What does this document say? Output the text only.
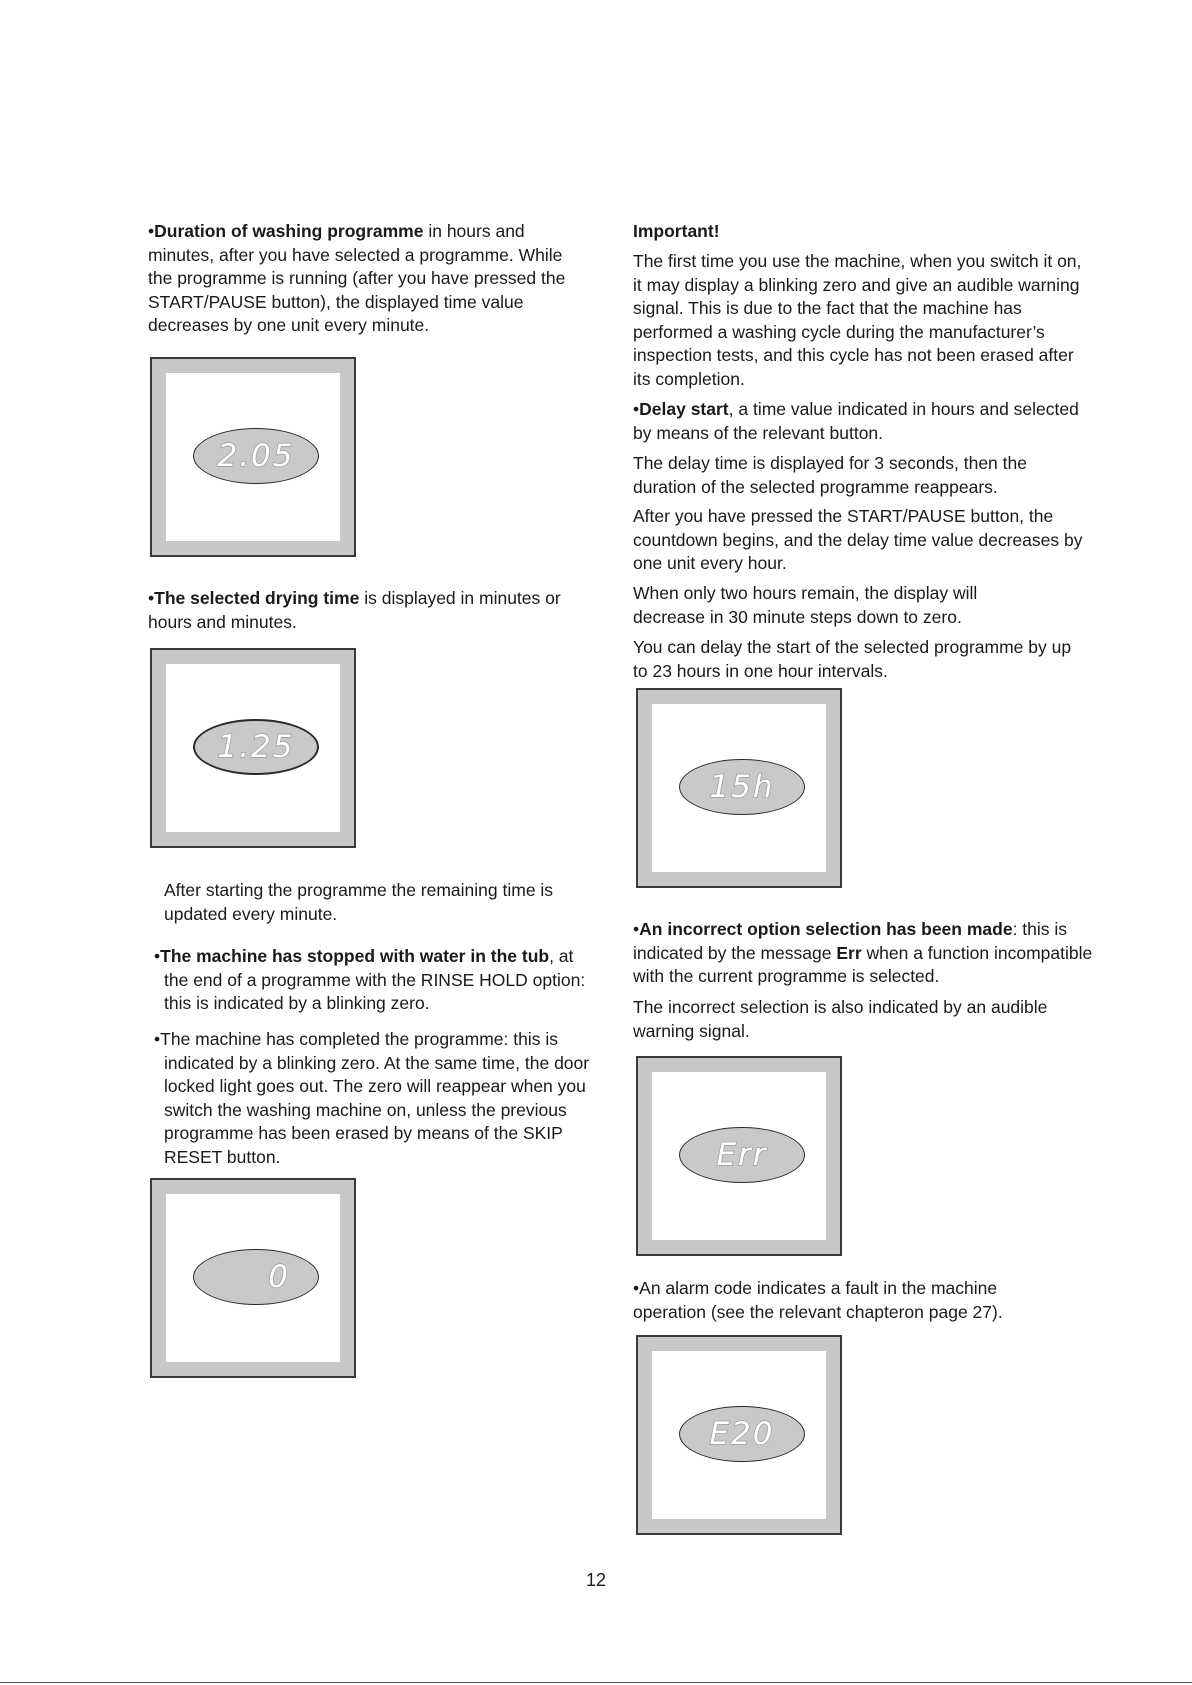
•Duration of washing programme in hours and minutes, after you have selected a programme. While the programme is running (after you have pressed the START/PAUSE button), the displayed time value decreases by one unit every minute.

2.05

•The selected drying time is displayed in minutes or hours and minutes.

1.25

After starting the programme the remaining time is updated every minute.

•The machine has stopped with water in the tub, at the end of a programme with the RINSE HOLD option: this is indicated by a blinking zero.

•The machine has completed the programme: this is indicated by a blinking zero. At the same time, the door locked light goes out. The zero will reappear when you switch the washing machine on, unless the previous programme has been erased by means of the SKIP RESET button.

0

Important!

The first time you use the machine, when you switch it on, it may display a blinking zero and give an audible warning signal. This is due to the fact that the machine has performed a washing cycle during the manufacturer’s inspection tests, and this cycle has not been erased after its completion.

•Delay start, a time value indicated in hours and selected by means of the relevant button.

The delay time is displayed for 3 seconds, then the duration of the selected programme reappears.

After you have pressed the START/PAUSE button, the countdown begins, and the delay time value decreases by one unit every hour.

When only two hours remain, the display will decrease in 30 minute steps down to zero.

You can delay the start of the selected programme by up to 23 hours in one hour intervals.

15h

•An incorrect option selection has been made: this is indicated by the message Err when a function incompatible with the current programme is selected.

The incorrect selection is also indicated by an audible warning signal.

Err

•An alarm code indicates a fault in the machine operation (see the relevant chapteron page 27).

E20
12
